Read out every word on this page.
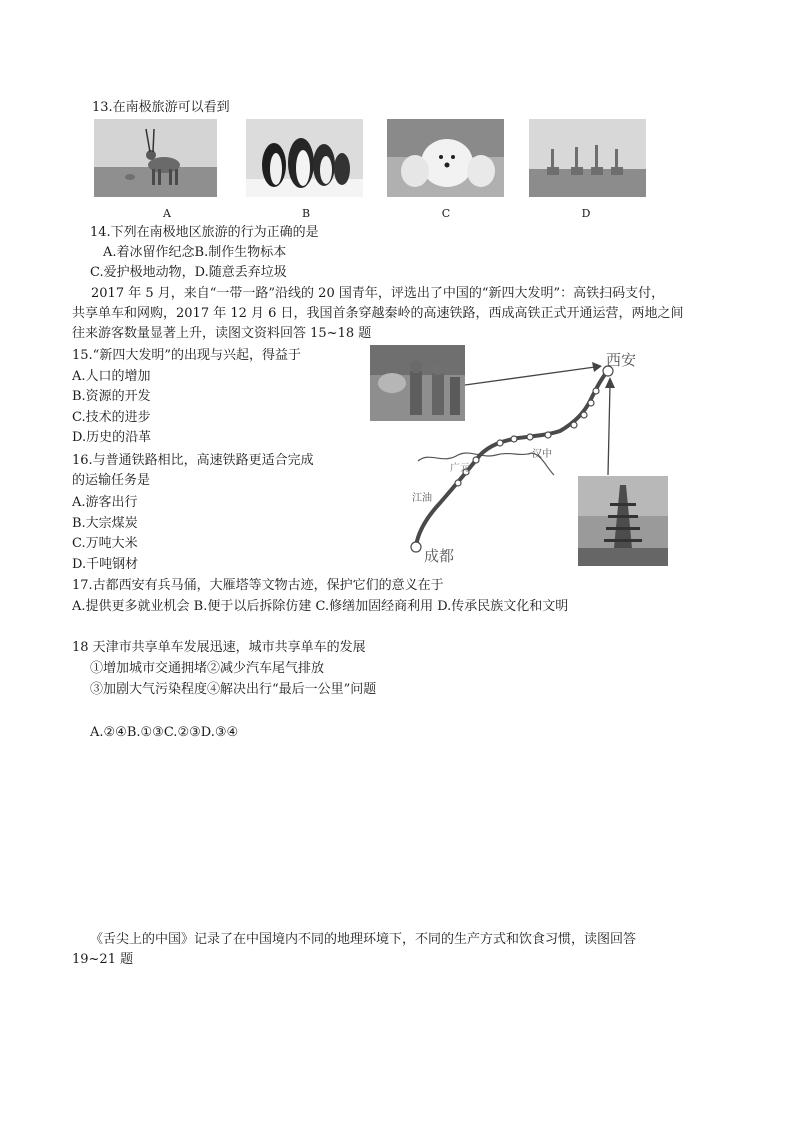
13.在南极旅游可以看到
A	B	C	D
14.下列在南极地区旅游的行为正确的是
A.着冰留作纪念B.制作生物标本
C.爱护极地动物，D.随意丢弃垃圾
2017 年 5 月，来自“一带一路”沿线的 20 国青年，评选出了中国的“新四大发明”：高铁扫码支付，
共享单车和网购，2017 年 12 月 6 日，我国首条穿越秦岭的高速铁路，西成高铁正式开通运营，两地之间
往来游客数量显著上升，读图文资料回答 15~18 题
15.“新四大发明”的出现与兴起，得益于
A.人口的增加
B.资源的开发
C.技术的进步
D.历史的沿革
16.与普通铁路相比，高速铁路更适合完成
的运输任务是
A.游客出行
B.大宗煤炭
C.万吨大米
D.千吨钢材
西安
成都
汉中
广元
江油
17.古都西安有兵马俑，大雁塔等文物古迹，保护它们的意义在于
A.提供更多就业机会 B.便于以后拆除仿建 C.修缮加固经商利用 D.传承民族文化和文明
18 天津市共享单车发展迅速，城市共享单车的发展
①增加城市交通拥堵②减少汽车尾气排放
③加剧大气污染程度④解决出行“最后一公里”问题
A.②④B.①③C.②③D.③④
《舌尖上的中国》记录了在中国境内不同的地理环境下，不同的生产方式和饮食习惯，读图回答
19~21 题
